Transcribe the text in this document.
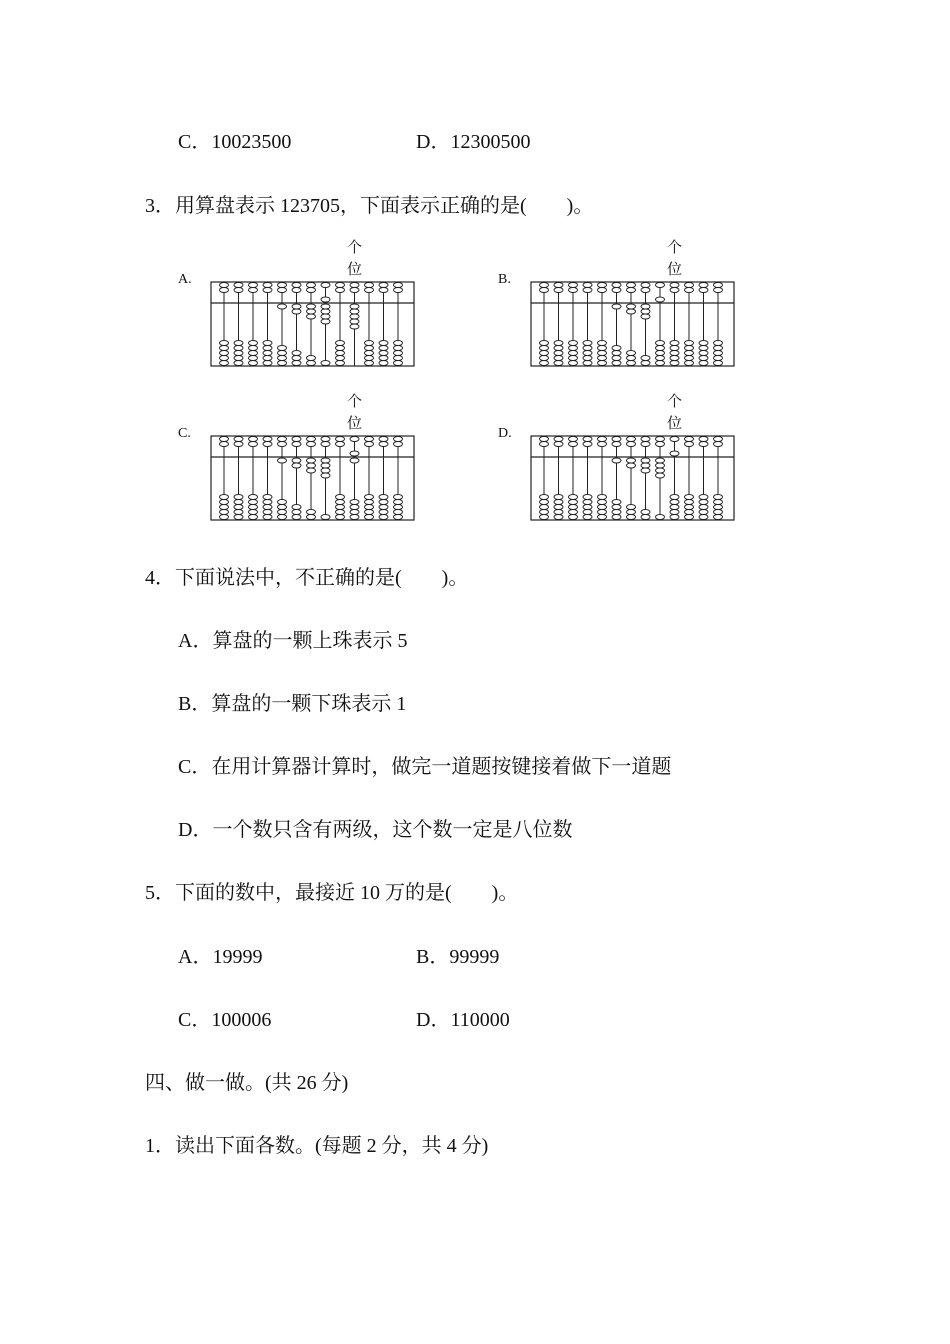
C．10023500	D．12300500
3．用算盘表示 123705，下面表示正确的是(　　)。
A.
个
位
B.
个
位
C.
个
位
D.
个
位
4．下面说法中，不正确的是(　　)。
A．算盘的一颗上珠表示 5
B．算盘的一颗下珠表示 1
C．在用计算器计算时，做完一道题按键接着做下一道题
D．一个数只含有两级，这个数一定是八位数
5．下面的数中，最接近 10 万的是(　　)。
A．19999	B．99999
C．100006	D．110000
四、做一做。(共 26 分)
1．读出下面各数。(每题 2 分，共 4 分)
